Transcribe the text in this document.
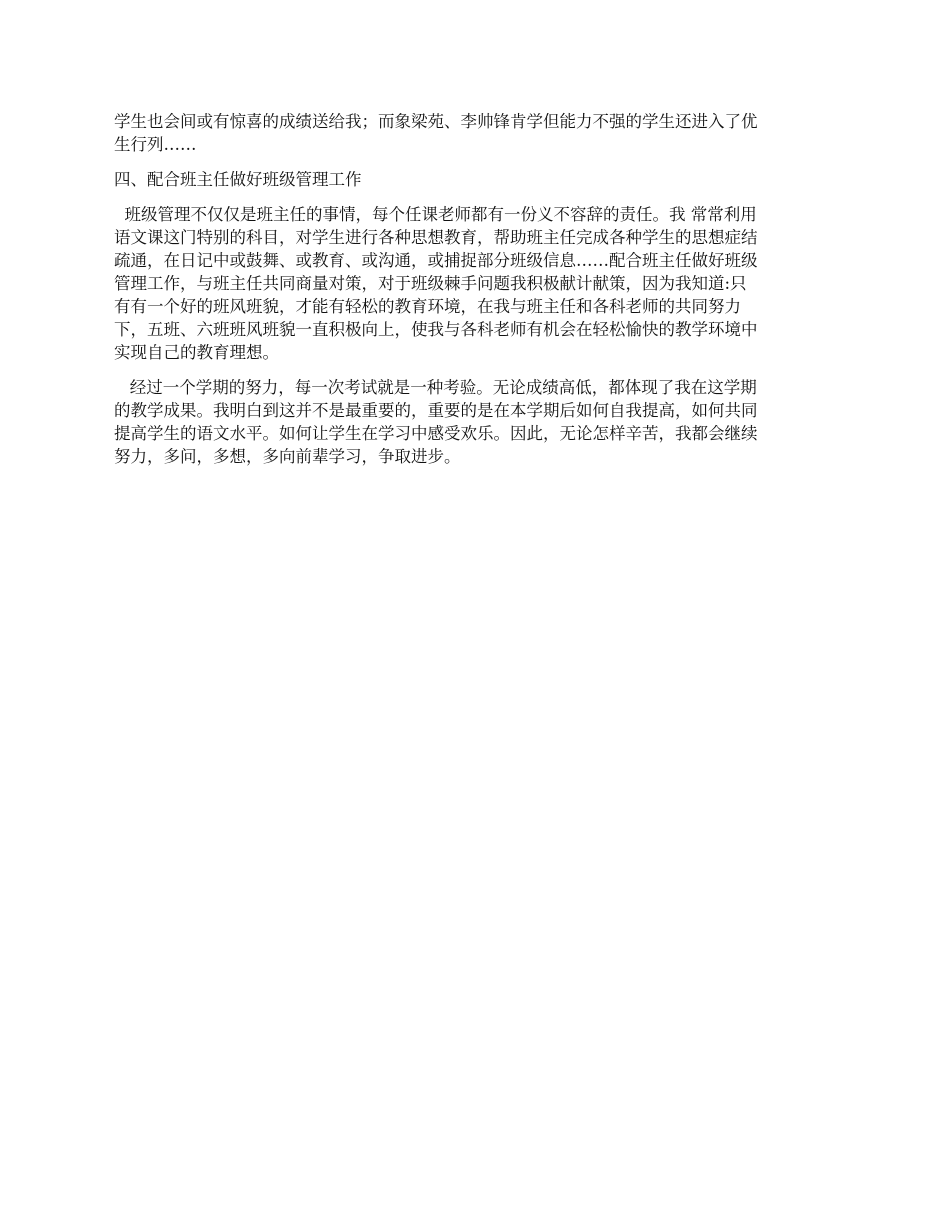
学生也会间或有惊喜的成绩送给我；而象梁苑、李帅锋肯学但能力不强的学生还进入了优
生行列……

四、配合班主任做好班级管理工作

班级管理不仅仅是班主任的事情，每个任课老师都有一份义不容辞的责任。我 常常利用
语文课这门特别的科目，对学生进行各种思想教育，帮助班主任完成各种学生的思想症结
疏通，在日记中或鼓舞、或教育、或沟通，或捕捉部分班级信息……配合班主任做好班级
管理工作，与班主任共同商量对策，对于班级棘手问题我积极献计献策，因为我知道:只
有有一个好的班风班貌，才能有轻松的教育环境，在我与班主任和各科老师的共同努力
下，五班、六班班风班貌一直积极向上，使我与各科老师有机会在轻松愉快的教学环境中
实现自己的教育理想。

经过一个学期的努力，每一次考试就是一种考验。无论成绩高低，都体现了我在这学期
的教学成果。我明白到这并不是最重要的，重要的是在本学期后如何自我提高，如何共同
提高学生的语文水平。如何让学生在学习中感受欢乐。因此，无论怎样辛苦，我都会继续
努力，多问，多想，多向前辈学习，争取进步。
